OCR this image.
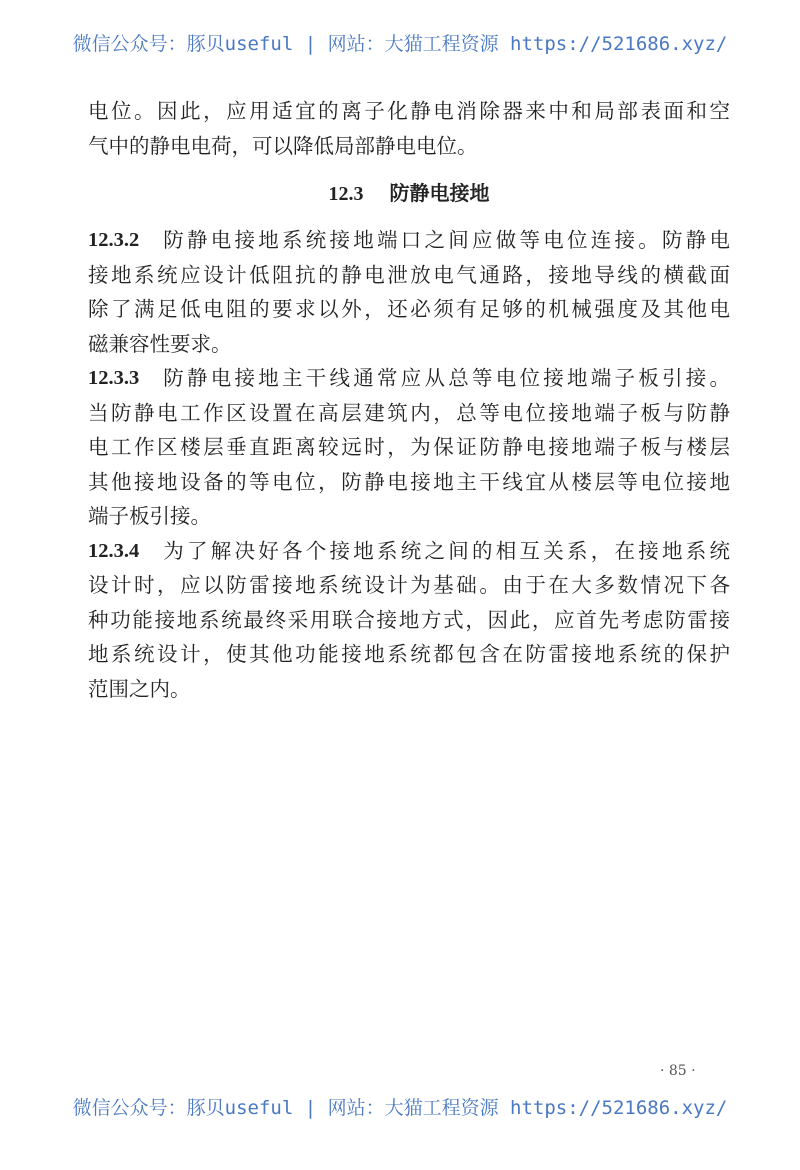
微信公众号：豚贝useful | 网站：大猫工程资源 https://521686.xyz/
电位。因此，应用适宜的离子化静电消除器来中和局部表面和空
气中的静电电荷，可以降低局部静电电位。
12.3 防静电接地
12.3.2 防静电接地系统接地端口之间应做等电位连接。防静电
接地系统应设计低阻抗的静电泄放电气通路，接地导线的横截面
除了满足低电阻的要求以外，还必须有足够的机械强度及其他电
磁兼容性要求。
12.3.3 防静电接地主干线通常应从总等电位接地端子板引接。
当防静电工作区设置在高层建筑内，总等电位接地端子板与防静
电工作区楼层垂直距离较远时，为保证防静电接地端子板与楼层
其他接地设备的等电位，防静电接地主干线宜从楼层等电位接地
端子板引接。
12.3.4 为了解决好各个接地系统之间的相互关系，在接地系统
设计时，应以防雷接地系统设计为基础。由于在大多数情况下各
种功能接地系统最终采用联合接地方式，因此，应首先考虑防雷接
地系统设计，使其他功能接地系统都包含在防雷接地系统的保护
范围之内。
· 85 ·
微信公众号：豚贝useful | 网站：大猫工程资源 https://521686.xyz/
